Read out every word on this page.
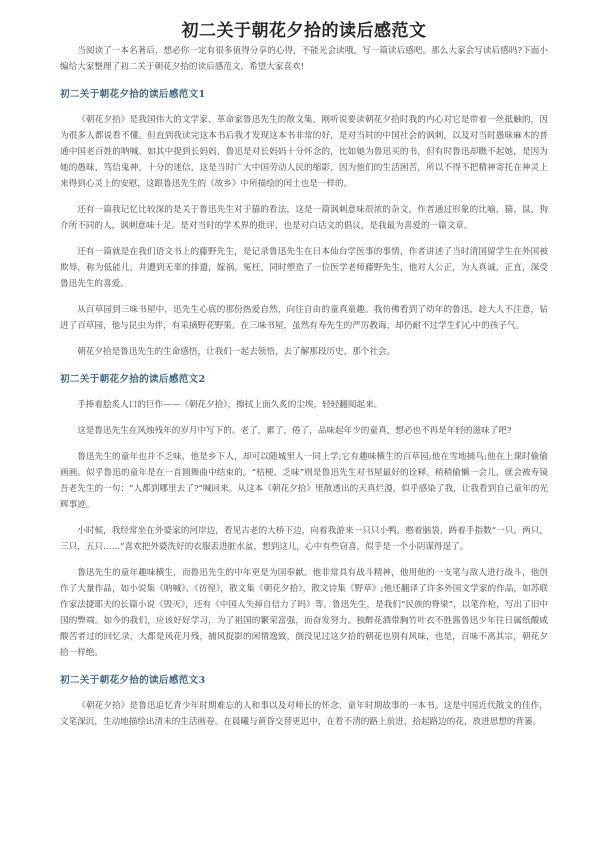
初二关于朝花夕拾的读后感范文

当阅读了一本名著后，想必你一定有很多值得分享的心得，不能光会读哦，写一篇读后感吧。那么大家会写读后感吗?下面小编给大家整理了初二关于朝花夕拾的读后感范文，希望大家喜欢!

初二关于朝花夕拾的读后感范文1

《朝花夕拾》是我国伟大的文学家、革命家鲁迅先生的散文集，刚听说要读朝花夕拾时我的内心对它是带着一丝抵触的，因为很多人都说看不懂。但直到我读完这本书后我才发现这本书非常的好，是对当时的中国社会的讽刺，以及对当时愚昧麻木的普通中国老百姓的呐喊。如其中提到长妈妈，鲁迅是对长妈妈十分怀念的，比如她为鲁迅买的书，但有时鲁迅却瞧不起她，是因为她的愚昧，笃信鬼神，十分的迷信，这是当时广大中国劳动人民的缩影，因为他们的生活困苦，所以不得不把精神寄托在神灵上来得到心灵上的安慰，这跟鲁迅先生的《故乡》中所描绘的闰土也是一样的。

还有一篇我记忆比较深的是关于鲁迅先生对于猫的看法，这是一篇讽刺意味很浓的杂文，作者通过形象的比喻，猫、鼠，狗介所不同的人，讽刺意味十足。是对当时的学术界的批评，也是对白话文的倡议，是我最为喜爱的一篇文章。

还有一篇就是在我们语文书上的藤野先生，是记录鲁迅先生在日本仙台学医事的事情，作者讲述了当时清国留学生在外国被欺辱，称为低能儿，并遭到无辜的排遣，嫁祸，冤枉，同时塑造了一位医学老师藤野先生，他对人公正，为人真诚，正直，深受鲁迅先生的喜爱。

从百草园到三味书屋中，迅先生心底的那份热爱自然，向往自由的童真童趣。我仿佛看到了幼年的鲁迅，趁大人不注意，钻进了百草园，他与昆虫为伴，有采摘野花野果。在三味书屋，虽然有寿先生的严厉教诲，却仍耐不过学生们心中的孩子气。

朝花夕拾是鲁迅先生的生命感悟，让我们一起去领悟，去了解那段历史，那个社会。

初二关于朝花夕拾的读后感范文2

手捧着脍炙人口的巨作——《朝花夕拾》，擦拭上面久炙的尘埃，轻轻翻阅起来。

这是鲁迅先生在风烛残年的岁月中写下的。老了，累了，倦了，品味起年少的童真，想必也不再是年轻的滋味了吧?

鲁迅先生的童年也并不乏味，他是乡下人，却可以随城里人一同上学;它有趣味横生的百草园;他在雪地捕鸟;他在上课时偷偷画画。似乎鲁迅的童年是在一首圆舞曲中结束的。“桔梗，乏味”则是鲁迅先生对书屋最好的诠释。稍稍偷懒一会儿，就会被寿镜吾老先生的一句：“人都到哪里去了?”喊回来。从这本《朝花夕拾》里散透出的天真烂漫，似乎感染了我，让我看到自己童年的光辉事迹。

小时候，我经常坐在外婆家的河岸边，看见古老的大桥下边，向着我游来一只只小鸭，憨着脑袋，踌着手指数“一只，两只，三只，五只……”喜欢把外婆洗好的衣服丢进脏水盆，想到这儿，心中有些窃喜，似乎是一个小阴谋得逞了。

鲁迅先生的童年趣味横生，而鲁迅先生的中年更是为国奉献。他非常具有战斗精神，他用他的一支笔与敌人进行战斗，他创作了大量作品，如小说集《呐喊》、《彷徨》，散文集《朝花夕拾》，散文诗集《野草》;他还翻译了许多外国文学家的作品，如苏联作家法捷耶夫的长篇小说《毁灭》，还有《中国人失掉自信力了吗》等。鲁迅先生，是我们“民族的脊梁”，以笔作枪，写出了旧中国的弊端。如今的我们，应该好好学习，为了祖国的繁荣富强，而奋发努力。独醉花酒带胸竹叶衣不胜酱鲁迅少年往日属纸酸咸酸苦者过的回忆录，大都是风花月残，捕风捉影的闲情逸致，倒没见过这夕拾的朝花也别有风味，也是，百味不离其宗，朝花夕拾一样绝。

初二关于朝花夕拾的读后感范文3

《朝花夕拾》是鲁迅追忆青少年时期难忘的人和事以及对师长的怀念，童年时期故事的一本书。这是中国近代散文的佳作，文笔深沉，生动地描绘出清末的生活画卷。在晨曦与黄昏交替更迟中，在看不清的路上前进，拾起路边的花，放进思想的背篓。
